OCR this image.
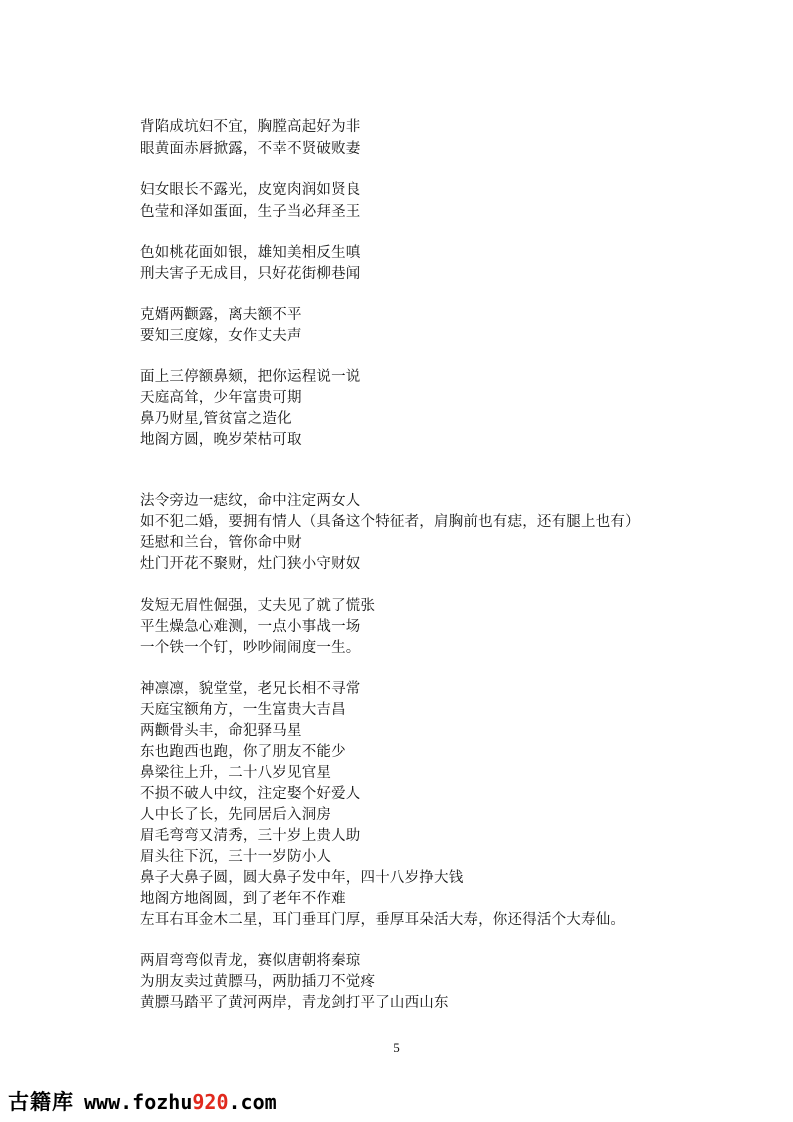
背陷成坑妇不宜，胸膛高起好为非
眼黄面赤唇掀露，不幸不贤破败妻
妇女眼长不露光，皮宽肉润如贤良
色莹和泽如蛋面，生子当必拜圣王
色如桃花面如银，雄知美相反生嗔
刑夫害子无成目，只好花街柳巷闻
克婿两颧露，离夫额不平
要知三度嫁，女作丈夫声
面上三停额鼻颏，把你运程说一说
天庭高耸，少年富贵可期
鼻乃财星,管贫富之造化
地阁方圆，晚岁荣枯可取
法令旁边一痣纹，命中注定两女人
如不犯二婚，要拥有情人（具备这个特征者，肩胸前也有痣，还有腿上也有）
廷慰和兰台，管你命中财
灶门开花不聚财，灶门狭小守财奴
发短无眉性倔强，丈夫见了就了慌张
平生燥急心难测，一点小事战一场
一个铁一个钉，吵吵闹闹度一生。
神凛凛，貌堂堂，老兄长相不寻常
天庭宝额角方，一生富贵大吉昌
两颧骨头丰，命犯驿马星
东也跑西也跑，你了朋友不能少
鼻梁往上升，二十八岁见官星
不损不破人中纹，注定娶个好爱人
人中长了长，先同居后入洞房
眉毛弯弯又清秀，三十岁上贵人助
眉头往下沉，三十一岁防小人
鼻子大鼻子圆，圆大鼻子发中年，四十八岁挣大钱
地阁方地阁圆，到了老年不作难
左耳右耳金木二星，耳门垂耳门厚，垂厚耳朵活大寿，你还得活个大寿仙。
两眉弯弯似青龙，赛似唐朝将秦琼
为朋友卖过黄膘马，两肋插刀不觉疼
黄膘马踏平了黄河两岸，青龙剑打平了山西山东
5
古籍库 www.fozhu920.com
